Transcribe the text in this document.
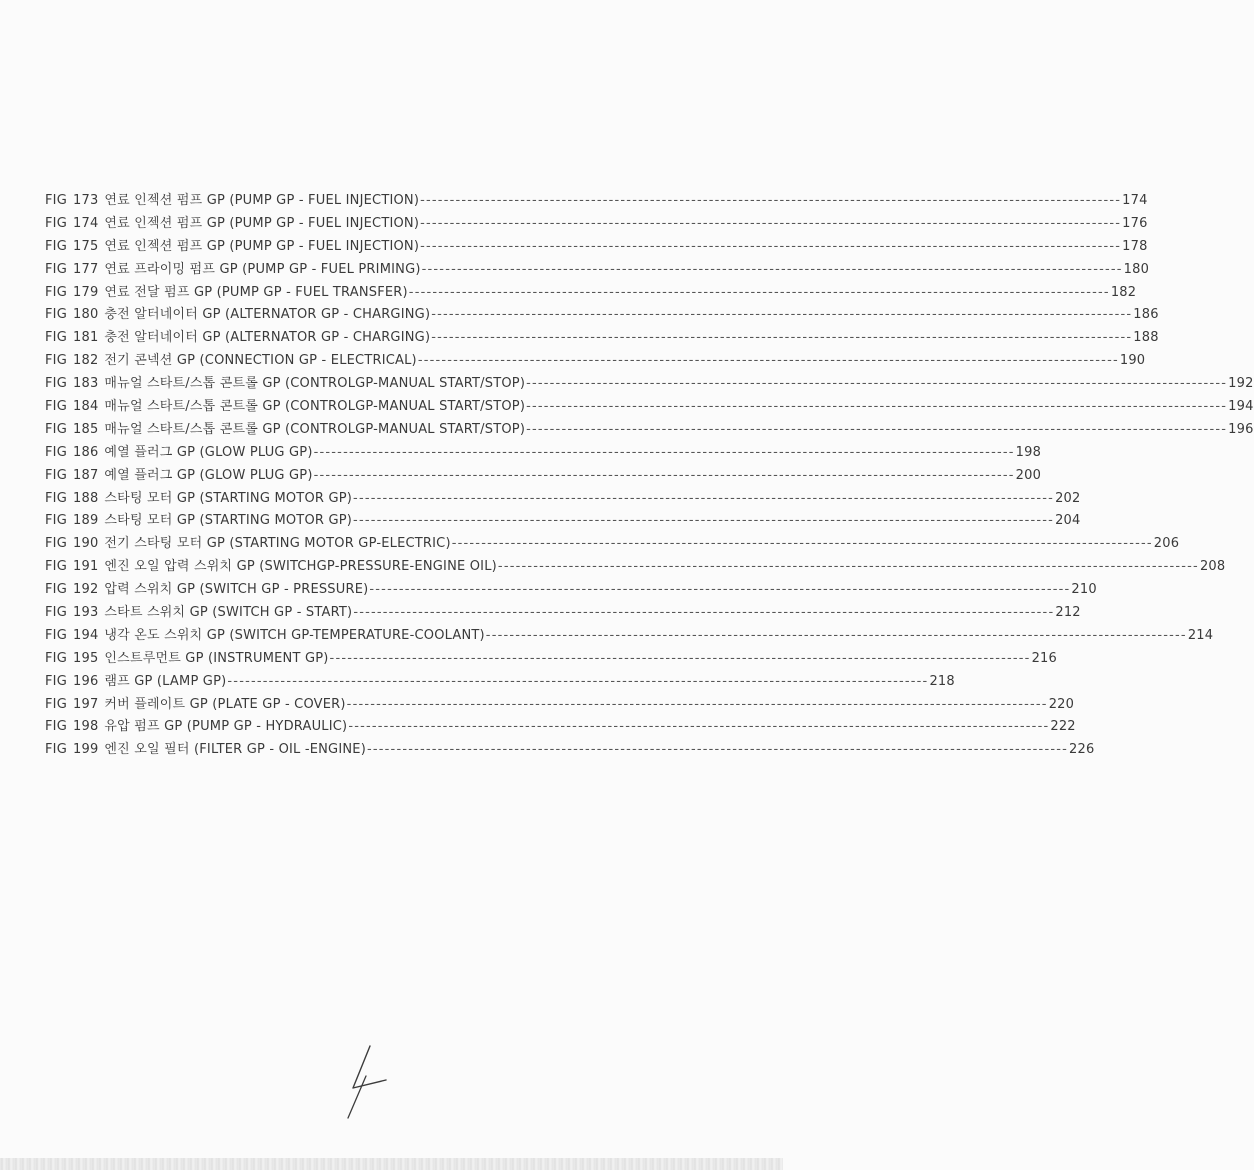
FIG 173 연료 인젝션 펌프 GP (PUMP GP - FUEL INJECTION) -----	174
FIG 174 연료 인젝션 펌프 GP (PUMP GP - FUEL INJECTION) -----	176
FIG 175 연료 인젝션 펌프 GP (PUMP GP - FUEL INJECTION) -----	178
FIG 177 연료 프라이밍 펌프 GP (PUMP GP - FUEL PRIMING) -----	180
FIG 179 연료 전달 펌프 GP (PUMP GP - FUEL TRANSFER) -----	182
FIG 180 충전 알터네이터 GP (ALTERNATOR GP - CHARGING) -----	186
FIG 181 충전 알터네이터 GP (ALTERNATOR GP - CHARGING) -----	188
FIG 182 전기 콘넥션 GP (CONNECTION GP - ELECTRICAL) -----	190
FIG 183 매뉴얼 스타트/스톱 콘트롤 GP (CONTROLGP-MANUAL START/STOP) -----	192
FIG 184 매뉴얼 스타트/스톱 콘트롤 GP (CONTROLGP-MANUAL START/STOP) -----	194
FIG 185 매뉴얼 스타트/스톱 콘트롤 GP (CONTROLGP-MANUAL START/STOP) -----	196
FIG 186 예열 플러그 GP (GLOW PLUG GP) -----	198
FIG 187 예열 플러그 GP (GLOW PLUG GP) -----	200
FIG 188 스타팅 모터 GP (STARTING MOTOR GP) -----	202
FIG 189 스타팅 모터 GP (STARTING MOTOR GP) -----	204
FIG 190 전기 스타팅 모터 GP (STARTING MOTOR GP-ELECTRIC) -----	206
FIG 191 엔진 오일 압력 스위치 GP (SWITCHGP-PRESSURE-ENGINE OIL) -----	208
FIG 192 압력 스위치 GP (SWITCH GP - PRESSURE) -----	210
FIG 193 스타트 스위치 GP (SWITCH GP - START) -----	212
FIG 194 냉각 온도 스위치 GP (SWITCH GP-TEMPERATURE-COOLANT) -----	214
FIG 195 인스트루먼트 GP (INSTRUMENT GP) -----	216
FIG 196 램프 GP (LAMP GP) -----	218
FIG 197 커버 플레이트 GP (PLATE GP - COVER) -----	220
FIG 198 유압 펌프 GP (PUMP GP - HYDRAULIC) -----	222
FIG 199 엔진 오일 필터 (FILTER GP - OIL -ENGINE) -----	226
